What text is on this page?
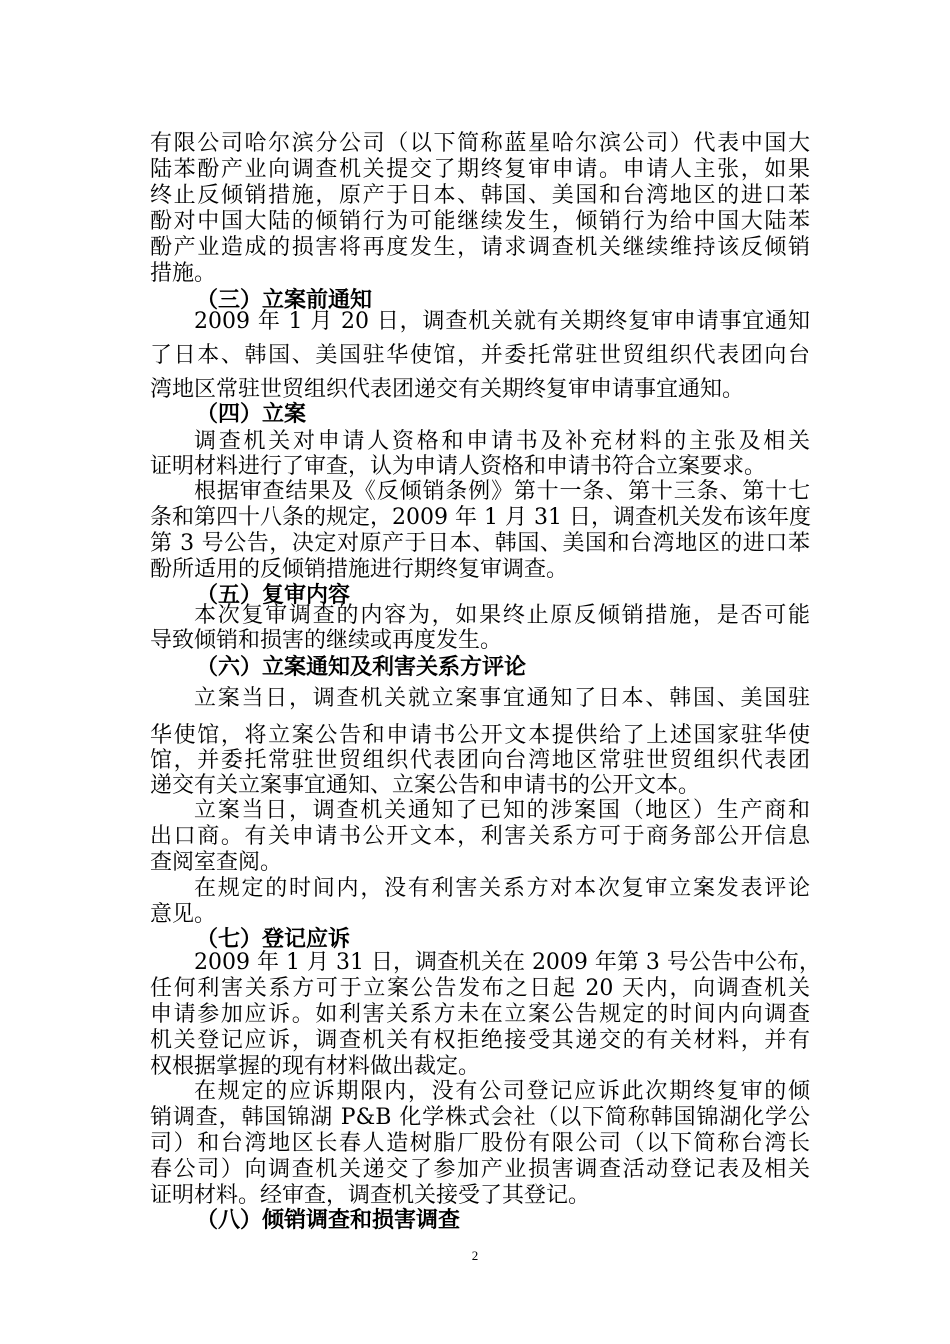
有限公司哈尔滨分公司（以下简称蓝星哈尔滨公司）代表中国大
陆苯酚产业向调查机关提交了期终复审申请。申请人主张，如果
终止反倾销措施，原产于日本、韩国、美国和台湾地区的进口苯
酚对中国大陆的倾销行为可能继续发生，倾销行为给中国大陆苯
酚产业造成的损害将再度发生，请求调查机关继续维持该反倾销
措施。
（三）立案前通知
2009 年 1 月 20 日，调查机关就有关期终复审申请事宜通知
了日本、韩国、美国驻华使馆，并委托常驻世贸组织代表团向台
湾地区常驻世贸组织代表团递交有关期终复审申请事宜通知。
（四）立案
调查机关对申请人资格和申请书及补充材料的主张及相关
证明材料进行了审查，认为申请人资格和申请书符合立案要求。
根据审查结果及《反倾销条例》第十一条、第十三条、第十七
条和第四十八条的规定，2009 年 1 月 31 日，调查机关发布该年度
第 3 号公告，决定对原产于日本、韩国、美国和台湾地区的进口苯
酚所适用的反倾销措施进行期终复审调查。
（五）复审内容
本次复审调查的内容为，如果终止原反倾销措施，是否可能
导致倾销和损害的继续或再度发生。
（六）立案通知及利害关系方评论
立案当日，调查机关就立案事宜通知了日本、韩国、美国驻
华使馆，将立案公告和申请书公开文本提供给了上述国家驻华使
馆，并委托常驻世贸组织代表团向台湾地区常驻世贸组织代表团
递交有关立案事宜通知、立案公告和申请书的公开文本。
立案当日，调查机关通知了已知的涉案国（地区）生产商和
出口商。有关申请书公开文本，利害关系方可于商务部公开信息
查阅室查阅。
在规定的时间内，没有利害关系方对本次复审立案发表评论
意见。
（七）登记应诉
2009 年 1 月 31 日，调查机关在 2009 年第 3 号公告中公布，
任何利害关系方可于立案公告发布之日起 20 天内，向调查机关
申请参加应诉。如利害关系方未在立案公告规定的时间内向调查
机关登记应诉，调查机关有权拒绝接受其递交的有关材料，并有
权根据掌握的现有材料做出裁定。
在规定的应诉期限内，没有公司登记应诉此次期终复审的倾
销调查，韩国锦湖 P&B 化学株式会社（以下简称韩国锦湖化学公
司）和台湾地区长春人造树脂厂股份有限公司（以下简称台湾长
春公司）向调查机关递交了参加产业损害调查活动登记表及相关
证明材料。经审查，调查机关接受了其登记。
（八）倾销调查和损害调查
2
